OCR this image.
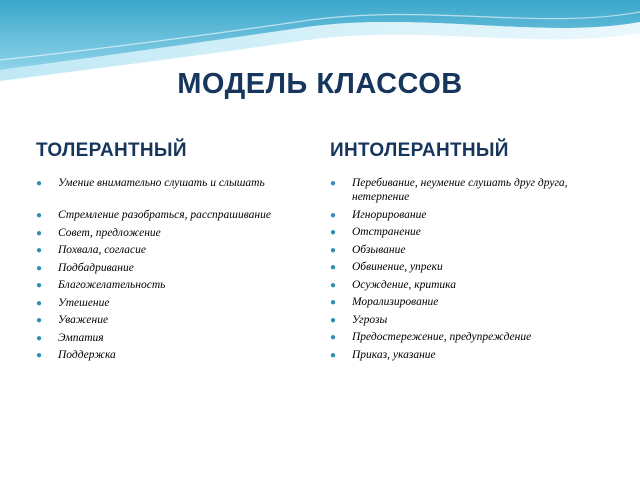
МОДЕЛЬ КЛАССОВ
ТОЛЕРАНТНЫЙ
● Умение внимательно слушать и слышать
● Стремление разобраться, расспрашивание
● Совет, предложение
● Похвала, согласие
● Подбадривание
● Благожелательность
● Утешение
● Уважение
● Эмпатия
● Поддержка
ИНТОЛЕРАНТНЫЙ
● Перебивание, неумение слушать друг друга, нетерпение
● Игнорирование
● Отстранение
● Обзывание
● Обвинение, упреки
● Осуждение, критика
● Морализирование
● Угрозы
● Предостережение, предупреждение
● Приказ, указание
